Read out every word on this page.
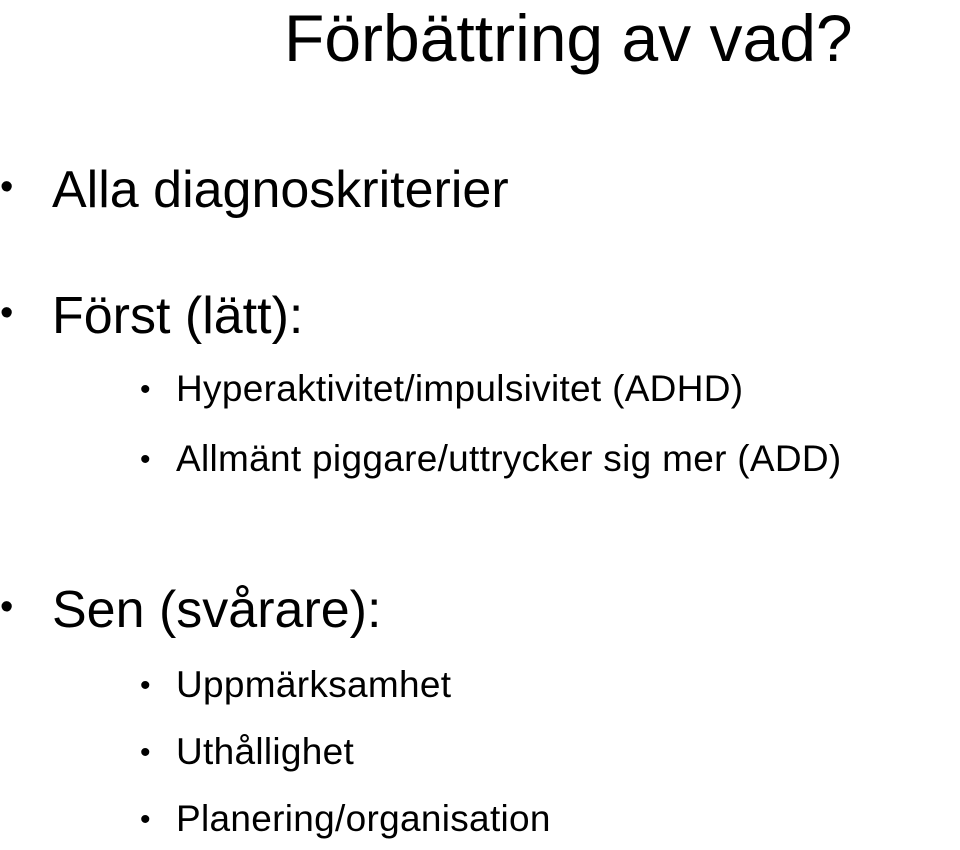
Förbättring av vad?
• Alla diagnoskriterier
• Först (lätt):
• Hyperaktivitet/impulsivitet (ADHD)
• Allmänt piggare/uttrycker sig mer (ADD)
• Sen (svårare):
• Uppmärksamhet
• Uthållighet
• Planering/organisation
